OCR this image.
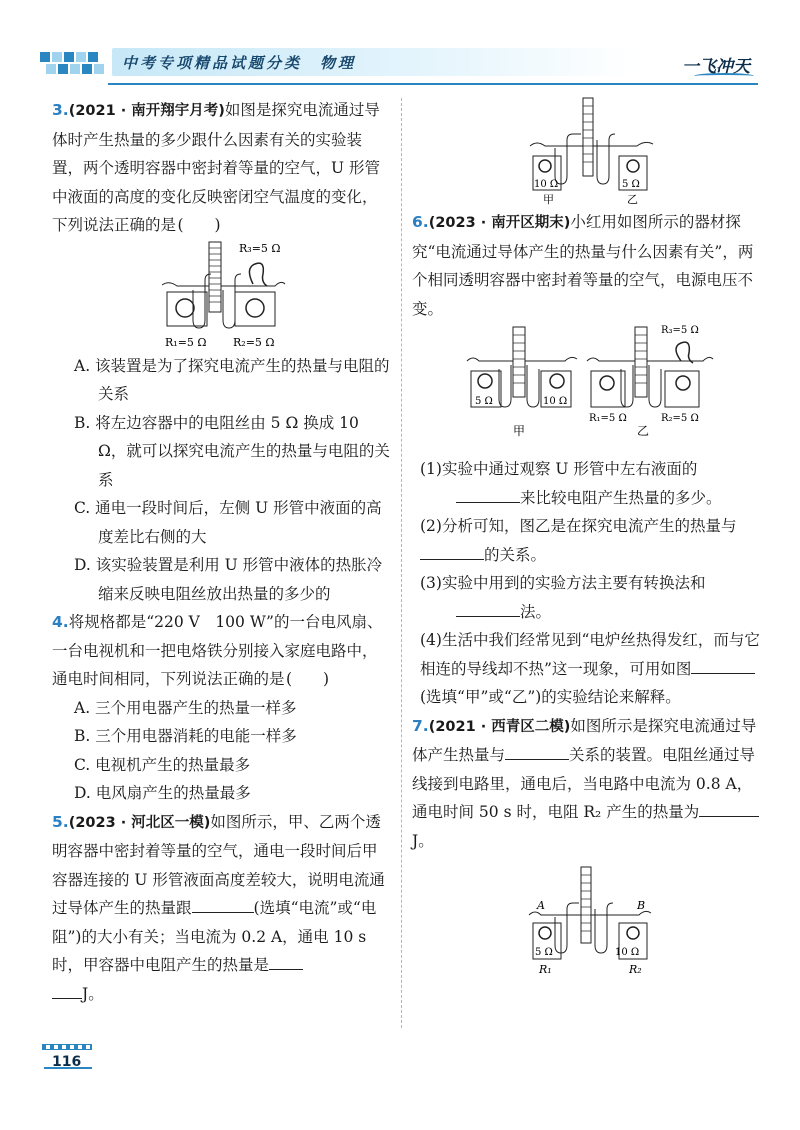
中考专项精品试题分类　物理	一飞冲天

3.(2021 · 南开翔宇月考)如图是探究电流通过导体时产生热量的多少跟什么因素有关的实验装置，两个透明容器中密封着等量的空气，U 形管中液面的高度的变化反映密闭空气温度的变化，下列说法正确的是(　　)

R₃=5 Ω
R₁=5 Ω R₂=5 Ω

A. 该装置是为了探究电流产生的热量与电阻的关系

B. 将左边容器中的电阻丝由 5 Ω 换成 10 Ω，就可以探究电流产生的热量与电阻的关系

C. 通电一段时间后，左侧 U 形管中液面的高度差比右侧的大

D. 该实验装置是利用 U 形管中液体的热胀冷缩来反映电阻丝放出热量的多少的

4.将规格都是“220 V　100 W”的一台电风扇、一台电视机和一把电烙铁分别接入家庭电路中，通电时间相同，下列说法正确的是(　　)

A. 三个用电器产生的热量一样多

B. 三个用电器消耗的电能一样多

C. 电视机产生的热量最多

D. 电风扇产生的热量最多

5.(2023 · 河北区一模)如图所示，甲、乙两个透明容器中密封着等量的空气，通电一段时间后甲容器连接的 U 形管液面高度差较大，说明电流通过导体产生的热量跟	(选填“电流”或“电阻”)的大小有关；当电流为 0.2 A，通电 10 s 时，甲容器中电阻产生的热量是
J。

10 Ω	5 Ω
甲	乙

6.(2023 · 南开区期末)小红用如图所示的器材探究“电流通过导体产生的热量与什么因素有关”，两个相同透明容器中密封着等量的空气，电源电压不变。

5 Ω	10 Ω
甲
R₃=5 Ω
R₁=5 Ω	R₂=5 Ω
乙

(1)实验中通过观察 U 形管中左右液面的
来比较电阻产生热量的多少。

(2)分析可知，图乙是在探究电流产生的热量与的关系。

(3)实验中用到的实验方法主要有转换法和
法。

(4)生活中我们经常见到“电炉丝热得发红，而与它相连的导线却不热”这一现象，可用如图(选填“甲”或“乙”)的实验结论来解释。

7.(2021 · 西青区二模)如图所示是探究电流通过导体产生热量与	关系的装置。电阻丝通过导线接到电路里，通电后，当电路中电流为 0.8 A，通电时间 50 s 时，电阻 R₂ 产生的热量为J。

A	B
5 Ω	10 Ω
R₁	R₂
116
